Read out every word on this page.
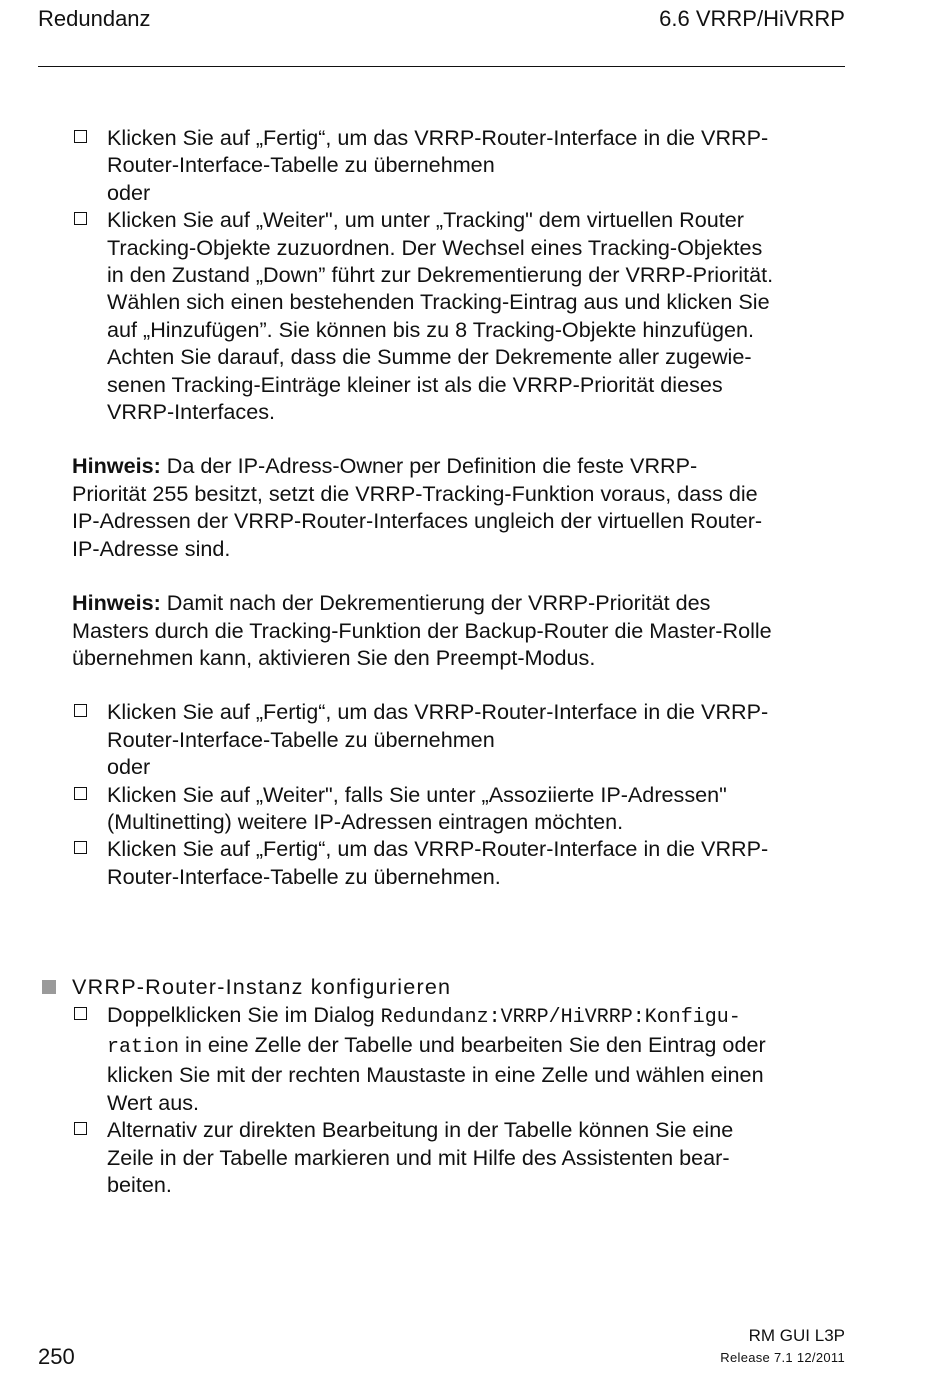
Redundanz	6.6 VRRP/HiVRRP
Klicken Sie auf „Fertig“, um das VRRP-Router-Interface in die VRRP-
Router-Interface-Tabelle zu übernehmen
oder
Klicken Sie auf „Weiter", um unter „Tracking" dem virtuellen Router
Tracking-Objekte zuzuordnen. Der Wechsel eines Tracking-Objektes
in den Zustand „Down” führt zur Dekrementierung der VRRP-Priorität.
Wählen sich einen bestehenden Tracking-Eintrag aus und klicken Sie
auf „Hinzufügen”. Sie können bis zu 8 Tracking-Objekte hinzufügen.
Achten Sie darauf, dass die Summe der Dekremente aller zugewie-
senen Tracking-Einträge kleiner ist als die VRRP-Priorität dieses
VRRP-Interfaces.
Hinweis: Da der IP-Adress-Owner per Definition die feste VRRP-
Priorität 255 besitzt, setzt die VRRP-Tracking-Funktion voraus, dass die
IP-Adressen der VRRP-Router-Interfaces ungleich der virtuellen Router-
IP-Adresse sind.
Hinweis: Damit nach der Dekrementierung der VRRP-Priorität des
Masters durch die Tracking-Funktion der Backup-Router die Master-Rolle
übernehmen kann, aktivieren Sie den Preempt-Modus.
Klicken Sie auf „Fertig“, um das VRRP-Router-Interface in die VRRP-
Router-Interface-Tabelle zu übernehmen
oder
Klicken Sie auf „Weiter", falls Sie unter „Assoziierte IP-Adressen"
(Multinetting) weitere IP-Adressen eintragen möchten.
Klicken Sie auf „Fertig“, um das VRRP-Router-Interface in die VRRP-
Router-Interface-Tabelle zu übernehmen.
VRRP-Router-Instanz konfigurieren
Doppelklicken Sie im Dialog Redundanz:VRRP/HiVRRP:Konfigu-
ration in eine Zelle der Tabelle und bearbeiten Sie den Eintrag oder
klicken Sie mit der rechten Maustaste in eine Zelle und wählen einen
Wert aus.
Alternativ zur direkten Bearbeitung in der Tabelle können Sie eine
Zeile in der Tabelle markieren und mit Hilfe des Assistenten bear-
beiten.
250
RM GUI L3P
Release 7.1 12/2011
